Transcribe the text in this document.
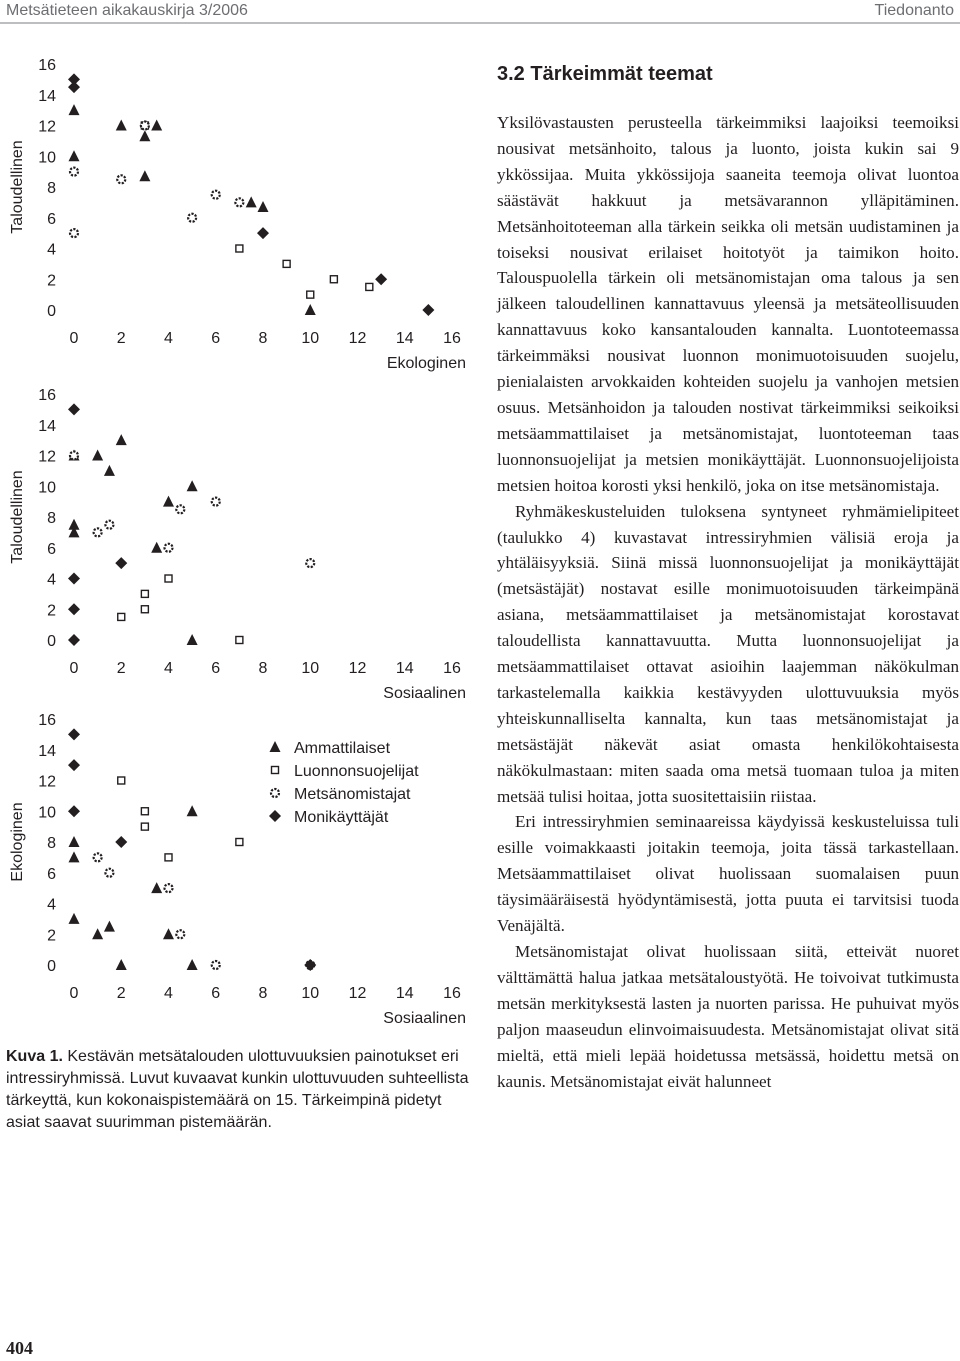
Metsätieteen aikakauskirja 3/2006	Tiedonanto
Taloudellinen
0
2
4
6
8
10
12
14
16
0 2 4 6 8 10 12 14 16
Ekologinen
Taloudellinen
0
2
4
6
8
10
12
14
16
0 2 4 6 8 10 12 14 16
Sosiaalinen
Ekologinen
0
2
4
6
8
10
12
14
16
0 2 4 6 8 10 12 14 16
Sosiaalinen
Ammattilaiset
Luonnonsuojelijat
Metsänomistajat
Monikäyttäjät

Kuva 1. Kestävän metsätalouden ulottuvuuksien painotukset eri intressiryhmissä. Luvut kuvaavat kunkin ulottuvuuden suhteellista tärkeyttä, kun kokonaispistemäärä on 15. Tärkeimpinä pidetyt asiat saavat suurimman pistemäärän.

3.2 Tärkeimmät teemat

Yksilövastausten perusteella tärkeimmiksi laajoiksi teemoiksi nousivat metsänhoito, talous ja luonto, joista kukin sai 9 ykkössijaa. Muita ykkössijoja saaneita teemoja olivat luontoa säästävät hakkuut ja metsävarannon ylläpitäminen. Metsänhoitoteeman alla tärkein seikka oli metsän uudistaminen ja toiseksi nousivat erilaiset hoitotyöt ja taimikon hoito. Talouspuolella tärkein oli metsänomistajan oma talous ja sen jälkeen taloudellinen kannattavuus yleensä ja metsäteollisuuden kannattavuus koko kansantalouden kannalta. Luontoteemassa tärkeimmäksi nousivat luonnon monimuotoisuuden suojelu, pienialaisten arvokkaiden kohteiden suojelu ja vanhojen metsien osuus. Metsänhoidon ja talouden nostivat tärkeimmiksi seikoiksi metsäammattilaiset ja metsänomistajat, luontoteeman taas luonnonsuojelijat ja metsien monikäyttäjät. Luonnonsuojelijoista metsien hoitoa korosti yksi henkilö, joka on itse metsänomistaja.

Ryhmäkeskusteluiden tuloksena syntyneet ryhmämielipiteet (taulukko 4) kuvastavat intressiryhmien välisiä eroja ja yhtäläisyyksiä. Siinä missä luonnonsuojelijat ja monikäyttäjät (metsästäjät) nostavat esille monimuotoisuuden tärkeimpänä asiana, metsäammattilaiset ja metsänomistajat korostavat taloudellista kannattavuutta. Mutta luonnonsuojelijat ja metsäammattilaiset ottavat asioihin laajemman näkökulman tarkastelemalla kaikkia kestävyyden ulottuvuuksia myös yhteiskunnalliselta kannalta, kun taas metsänomistajat ja metsästäjät näkevät asiat omasta henkilökohtaisesta näkökulmastaan: miten saada oma metsä tuomaan tuloa ja miten metsää tulisi hoitaa, jotta suositettaisiin riistaa.

Eri intressiryhmien seminaareissa käydyissä keskusteluissa tuli esille voimakkaasti joitakin teemoja, joita tässä tarkastellaan. Metsäammattilaiset olivat huolissaan suomalaisen puun täysimääräisestä hyödyntämisestä, jotta puuta ei tarvitsisi tuoda Venäjältä.

Metsänomistajat olivat huolissaan siitä, etteivät nuoret välttämättä halua jatkaa metsätaloustyötä. He toivoivat tutkimusta metsän merkityksestä lasten ja nuorten parissa. He puhuivat myös paljon maaseudun elinvoimaisuudesta. Metsänomistajat olivat sitä mieltä, että mieli lepää hoidetussa metsässä, hoidettu metsä on kaunis. Metsänomistajat eivät halunneet

404
